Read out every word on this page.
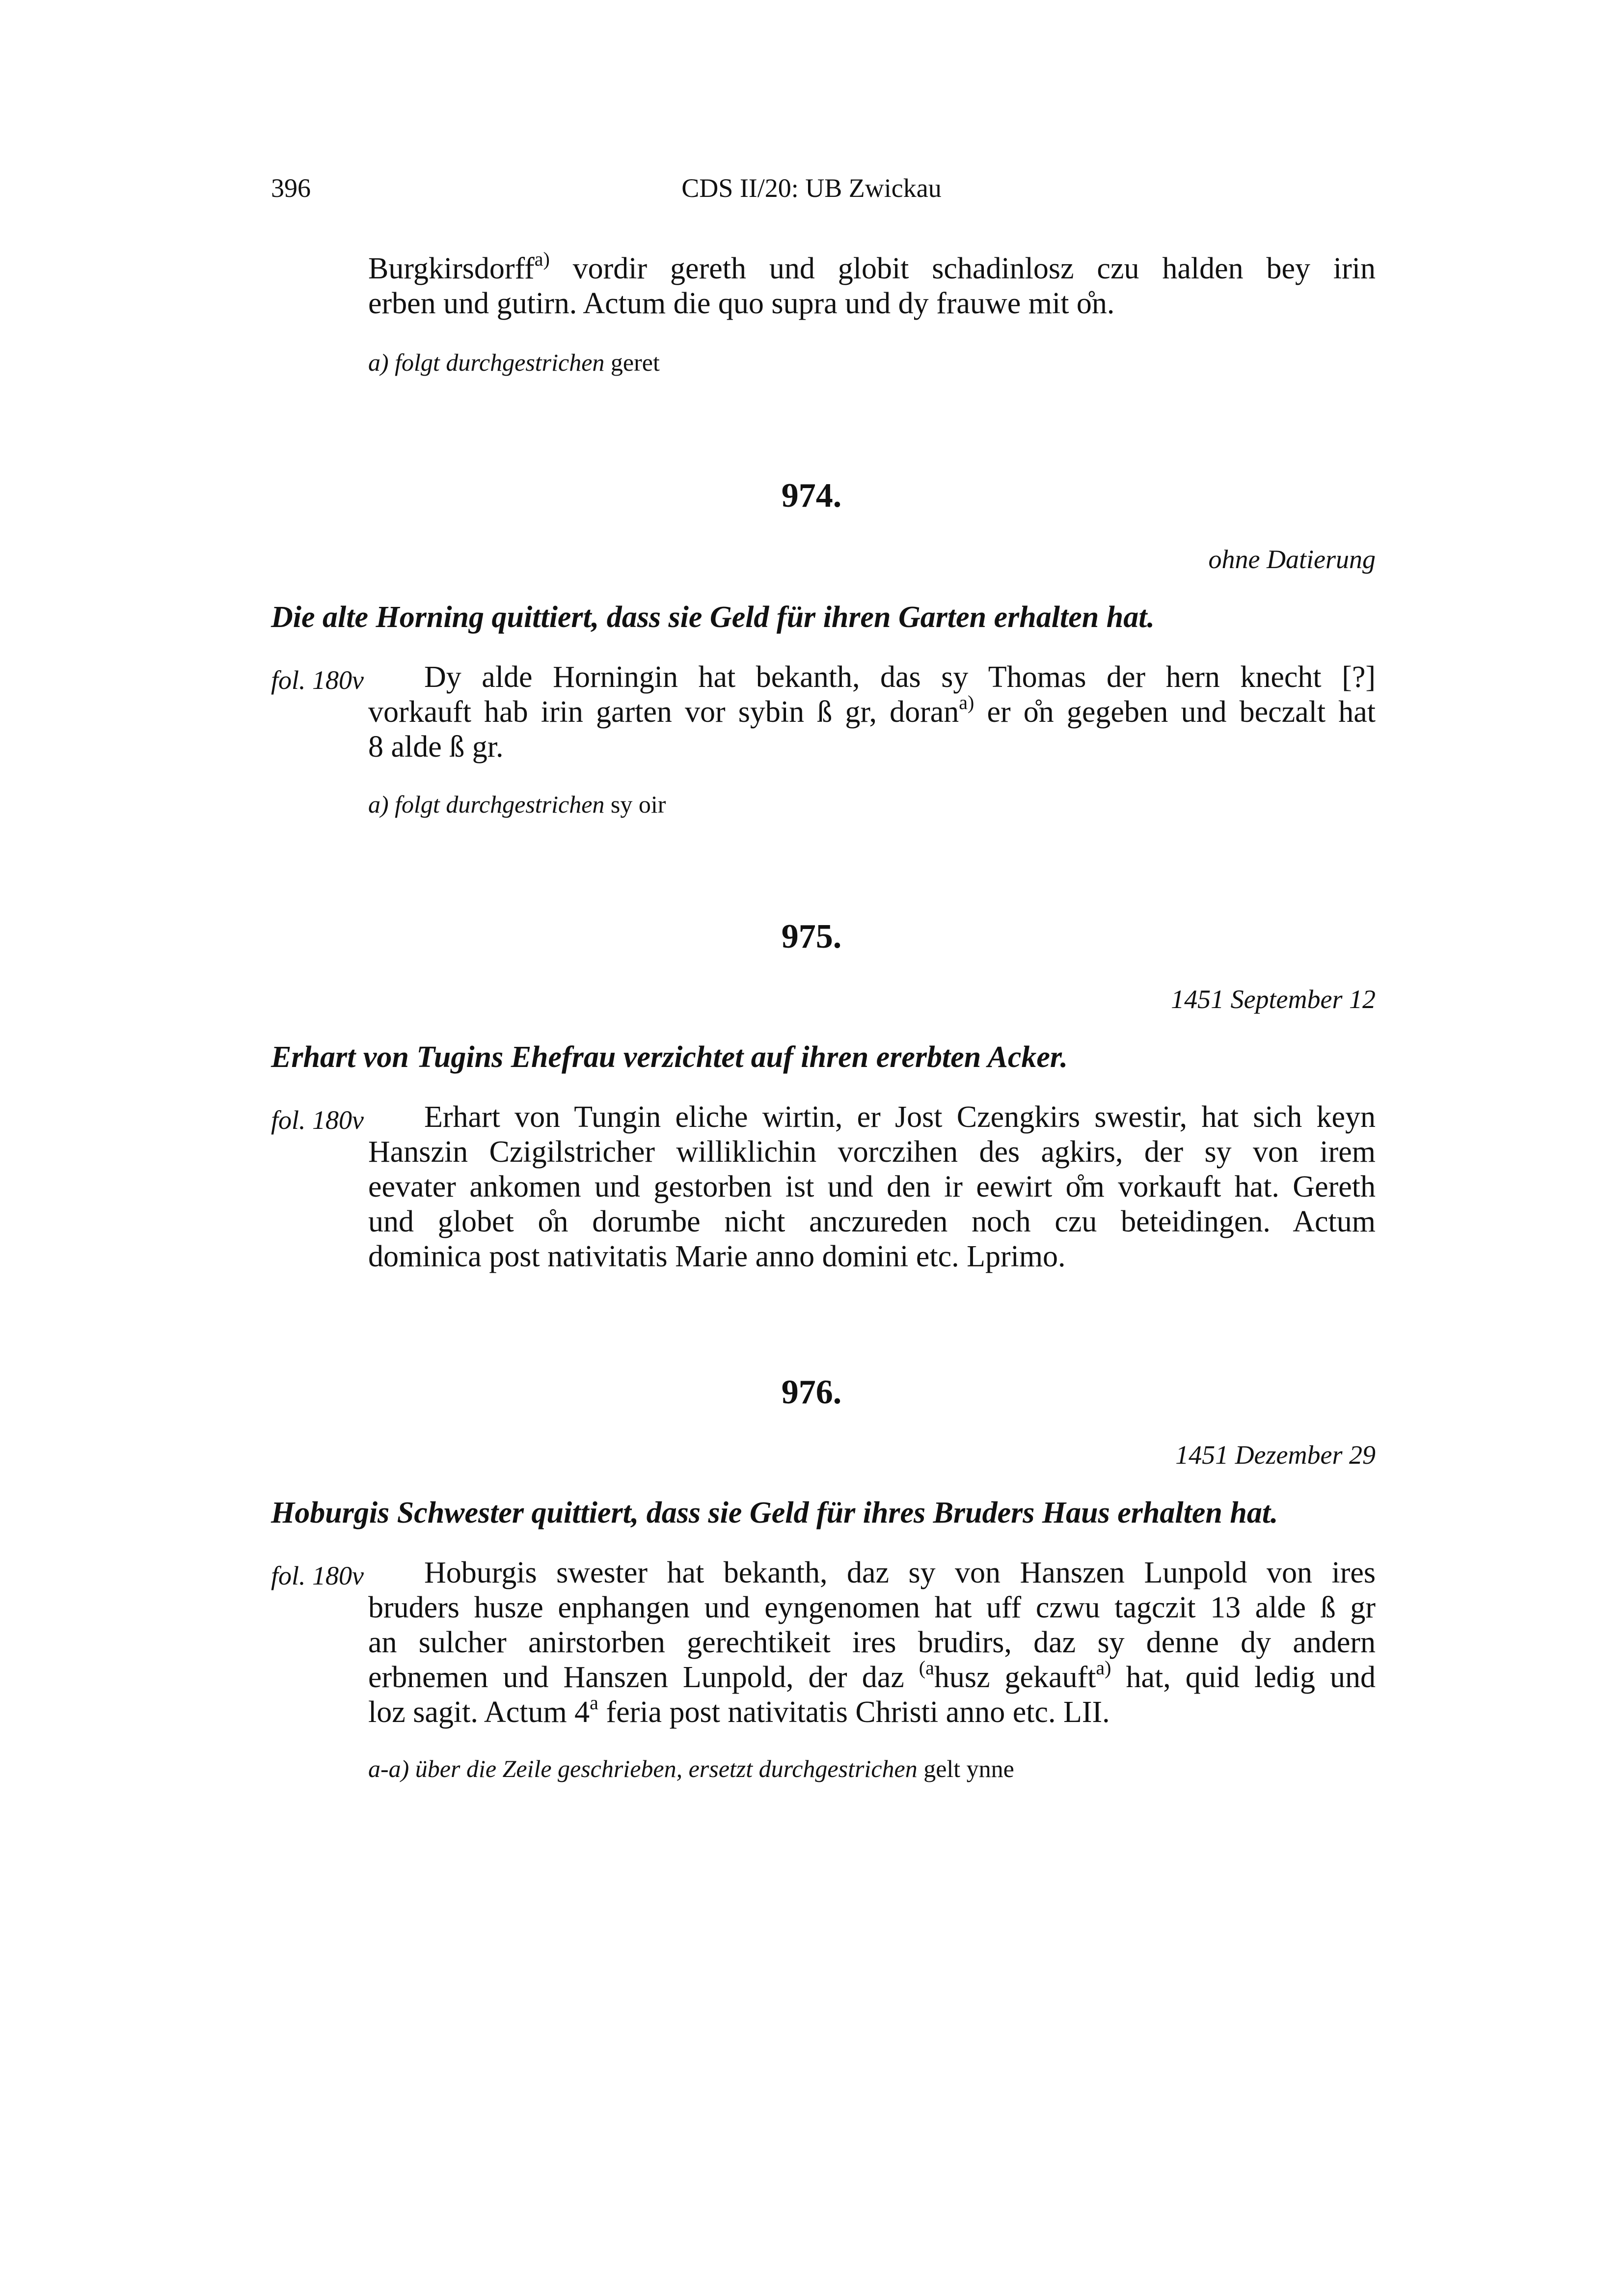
396	CDS II/20: UB Zwickau
Burgkirsdorff$^{a)}$ vordir gereth und globit schadinlosz czu halden bey irin
erben und gutirn. Actum die quo supra und dy frauwe mit o̊n.
a) folgt durchgestrichen geret
974.
ohne Datierung
Die alte Horning quittiert, dass sie Geld für ihren Garten erhalten hat.
fol. 180v	Dy alde Horningin hat bekanth, das sy Thomas der hern knecht [?]
vorkauft hab irin garten vor sybin ß gr, doran$^{a)}$ er o̊n gegeben und beczalt hat
8 alde ß gr.
a) folgt durchgestrichen sy oir
975.
1451 September 12
Erhart von Tugins Ehefrau verzichtet auf ihren ererbten Acker.
fol. 180v	Erhart von Tungin eliche wirtin, er Jost Czengkirs swestir, hat sich keyn
Hanszin Czigilstricher williklichin vorczihen des agkirs, der sy von irem
eevater ankomen und gestorben ist und den ir eewirt o̊m vorkauft hat. Gereth
und globet o̊n dorumbe nicht anczureden noch czu beteidingen. Actum
dominica post nativitatis Marie anno domini etc. Lprimo.
976.
1451 Dezember 29
Hoburgis Schwester quittiert, dass sie Geld für ihres Bruders Haus erhalten hat.
fol. 180v	Hoburgis swester hat bekanth, daz sy von Hanszen Lunpold von ires
bruders husze enphangen und eyngenomen hat uff czwu tagczit 13 alde ß gr
an sulcher anirstorben gerechtikeit ires brudirs, daz sy denne dy andern
erbnemen und Hanszen Lunpold, der daz $^{(a}$husz gekauft$^{a)}$ hat, quid ledig und
loz sagit. Actum 4$^a$ feria post nativitatis Christi anno etc. LII.
a-a) über die Zeile geschrieben, ersetzt durchgestrichen gelt ynne
